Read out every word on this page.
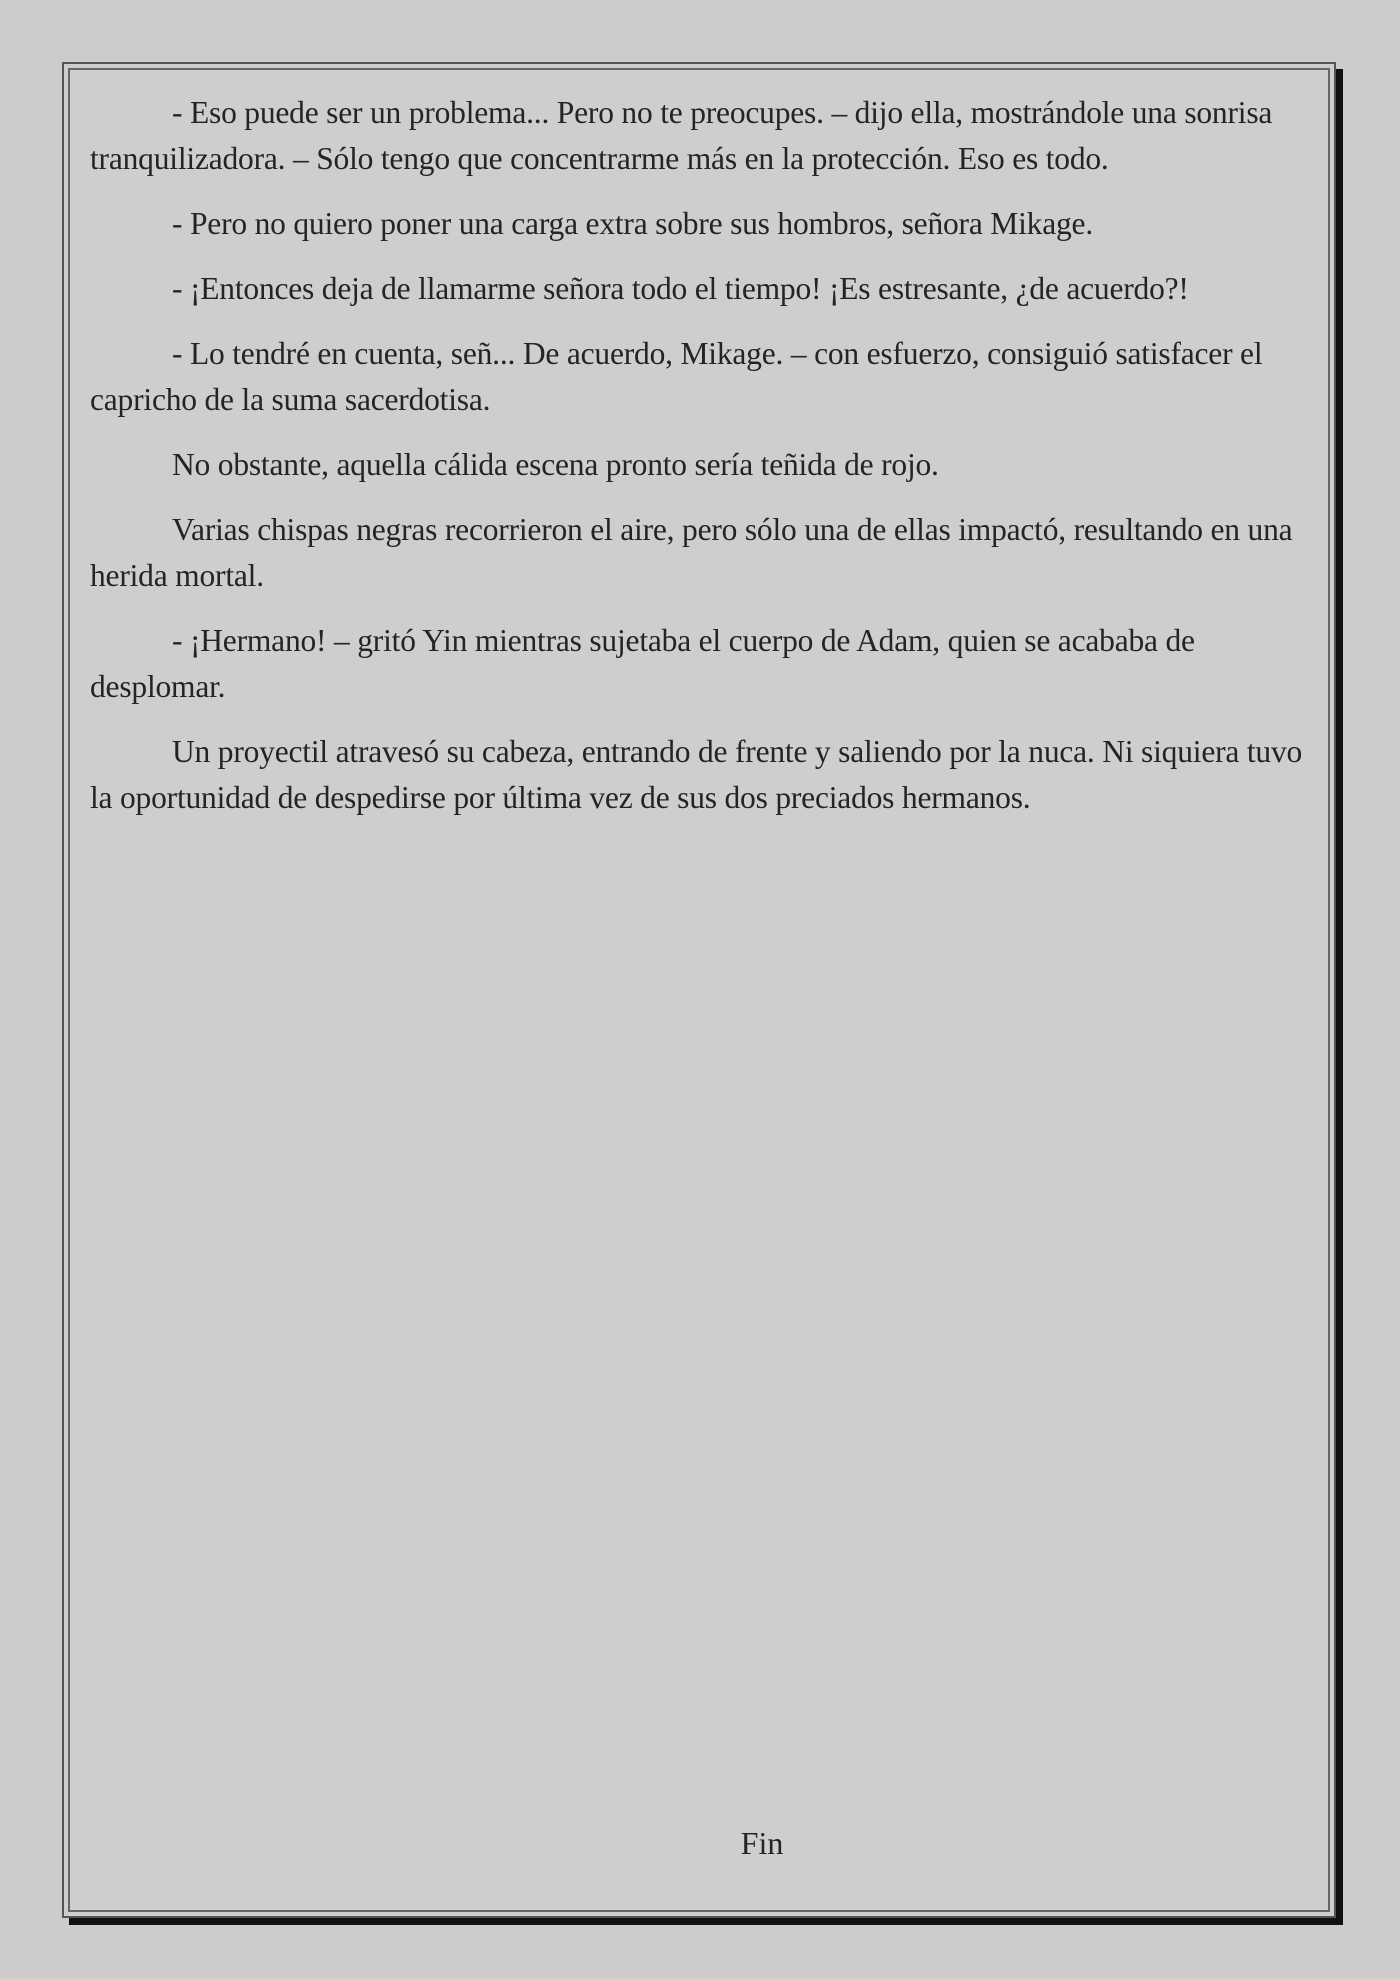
- Eso puede ser un problema... Pero no te preocupes. – dijo ella, mostrándole una sonrisa tranquilizadora. – Sólo tengo que concentrarme más en la protección. Eso es todo.

- Pero no quiero poner una carga extra sobre sus hombros, señora Mikage.

- ¡Entonces deja de llamarme señora todo el tiempo! ¡Es estresante, ¿de acuerdo?!

- Lo tendré en cuenta, señ... De acuerdo, Mikage. – con esfuerzo, consiguió satisfacer el capricho de la suma sacerdotisa.

No obstante, aquella cálida escena pronto sería teñida de rojo.

Varias chispas negras recorrieron el aire, pero sólo una de ellas impactó, resultando en una herida mortal.

- ¡Hermano! – gritó Yin mientras sujetaba el cuerpo de Adam, quien se acababa de desplomar.

Un proyectil atravesó su cabeza, entrando de frente y saliendo por la nuca. Ni siquiera tuvo la oportunidad de despedirse por última vez de sus dos preciados hermanos.

Fin
